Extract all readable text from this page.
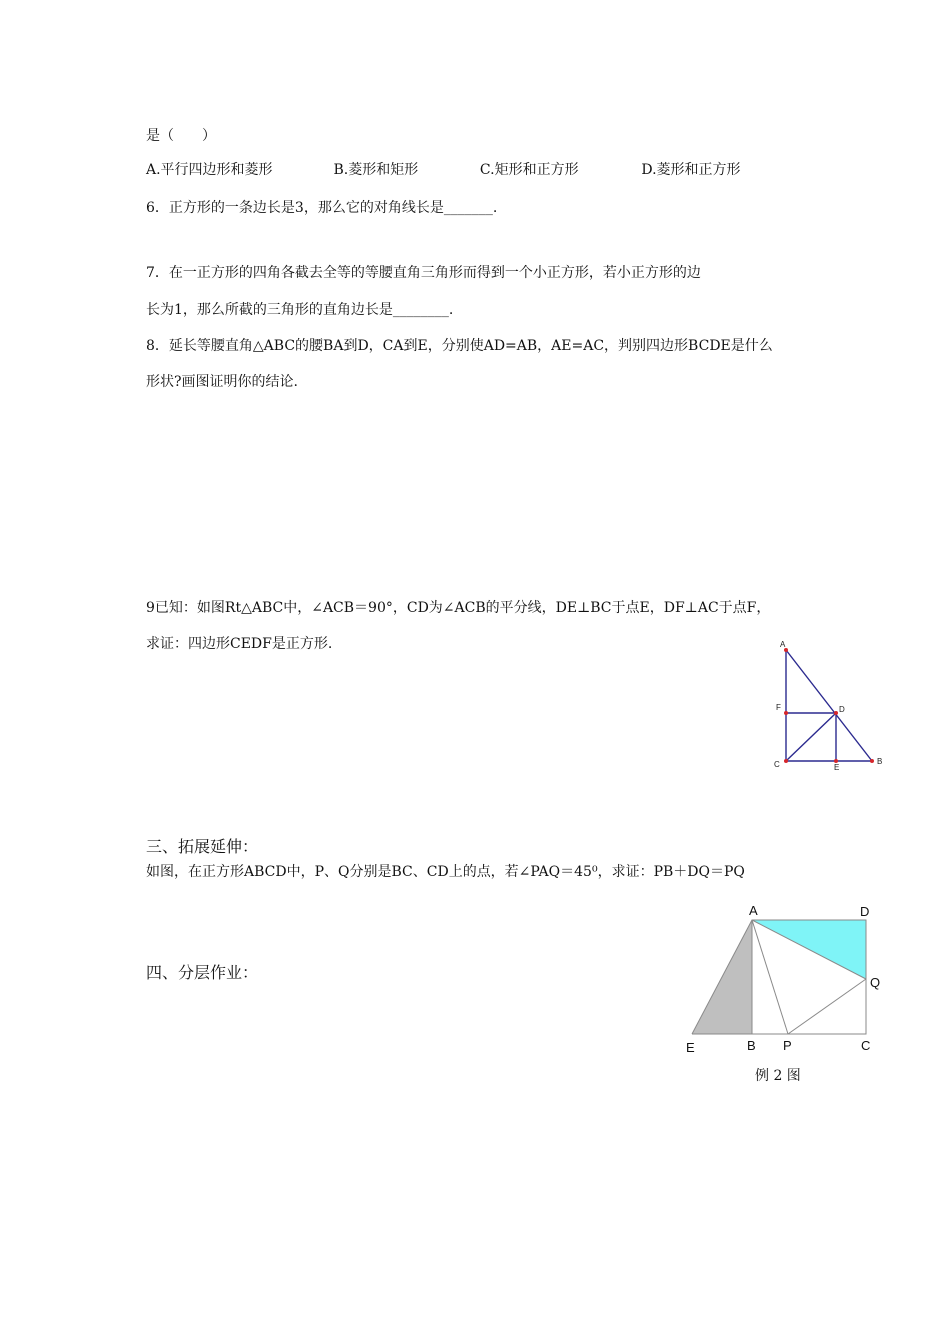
是（　　）
A.平行四边形和菱形	B.菱形和矩形	C.矩形和正方形	D.菱形和正方形
6．正方形的一条边长是3，那么它的对角线长是_______.
7．在一正方形的四角各截去全等的等腰直角三角形而得到一个小正方形，若小正方形的边
长为1，那么所截的三角形的直角边长是________.
8．延长等腰直角△ABC的腰BA到D，CA到E，分别使AD=AB，AE=AC，判别四边形BCDE是什么
形状?画图证明你的结论.
9已知：如图Rt△ABC中，∠ACB＝90°，CD为∠ACB的平分线，DE⊥BC于点E，DF⊥AC于点F，
求证：四边形CEDF是正方形.	A
F	D
C	E
B
三、拓展延伸：
如图，在正方形ABCD中，P、Q分别是BC、CD上的点，若∠PAQ＝45⁰，求证：PB＋DQ＝PQ
四、分层作业：
A	D
Q
E	B P	C
例 2 图
